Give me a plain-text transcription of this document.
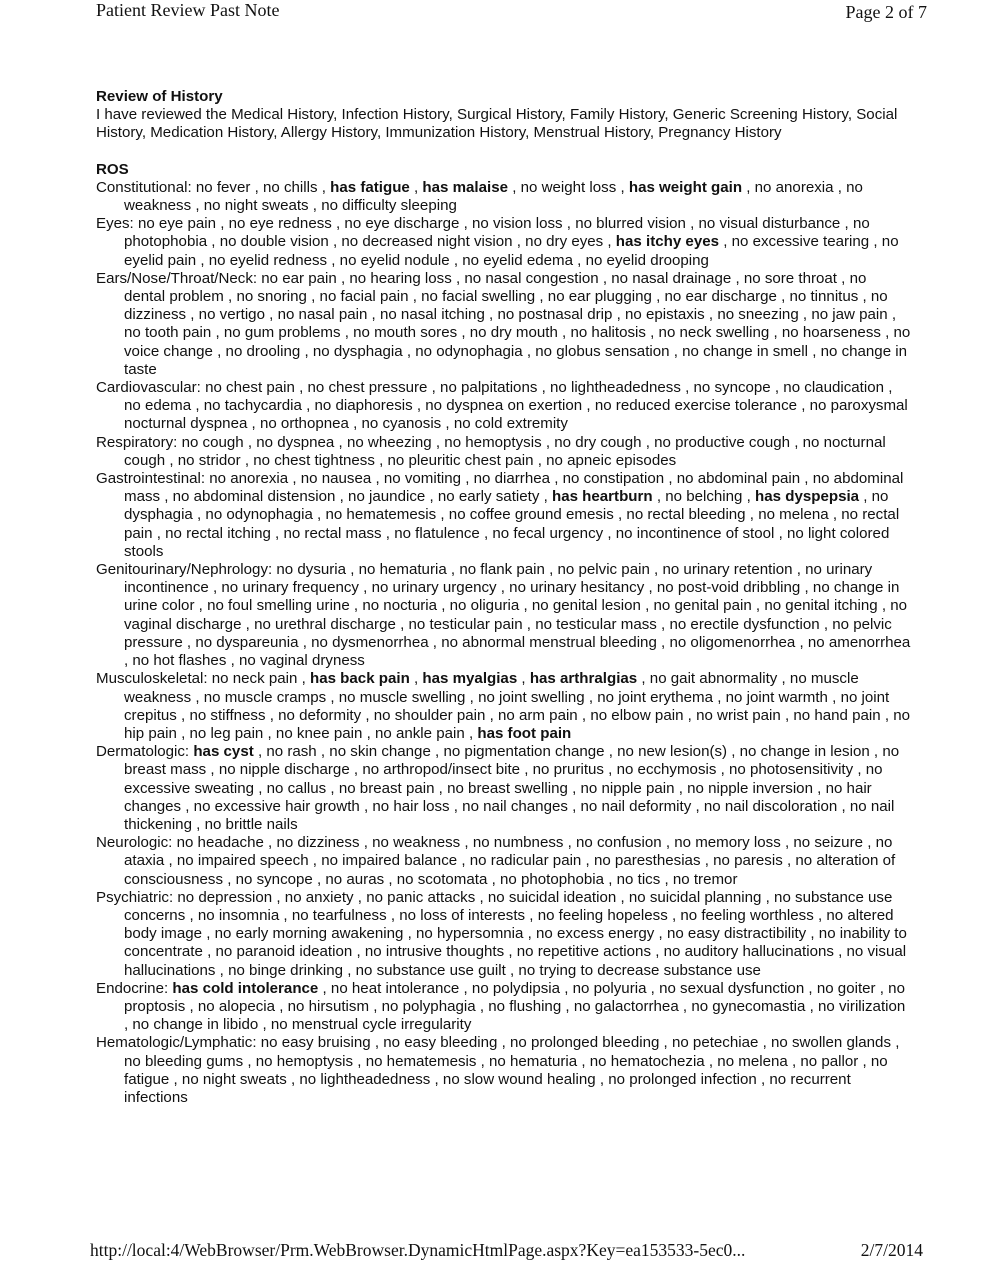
Patient Review Past Note	Page 2 of 7
Review of History
I have reviewed the Medical History, Infection History, Surgical History, Family History, Generic Screening History, Social History, Medication History, Allergy History, Immunization History, Menstrual History, Pregnancy History
ROS
Constitutional: no fever , no chills , has fatigue , has malaise , no weight loss , has weight gain , no anorexia , no weakness , no night sweats , no difficulty sleeping
Eyes: no eye pain , no eye redness , no eye discharge , no vision loss , no blurred vision , no visual disturbance , no photophobia , no double vision , no decreased night vision , no dry eyes , has itchy eyes , no excessive tearing , no eyelid pain , no eyelid redness , no eyelid nodule , no eyelid edema , no eyelid drooping
Ears/Nose/Throat/Neck: no ear pain , no hearing loss , no nasal congestion , no nasal drainage , no sore throat , no dental problem , no snoring , no facial pain , no facial swelling , no ear plugging , no ear discharge , no tinnitus , no dizziness , no vertigo , no nasal pain , no nasal itching , no postnasal drip , no epistaxis , no sneezing , no jaw pain , no tooth pain , no gum problems , no mouth sores , no dry mouth , no halitosis , no neck swelling , no hoarseness , no voice change , no drooling , no dysphagia , no odynophagia , no globus sensation , no change in smell , no change in taste
Cardiovascular: no chest pain , no chest pressure , no palpitations , no lightheadedness , no syncope , no claudication , no edema , no tachycardia , no diaphoresis , no dyspnea on exertion , no reduced exercise tolerance , no paroxysmal nocturnal dyspnea , no orthopnea , no cyanosis , no cold extremity
Respiratory: no cough , no dyspnea , no wheezing , no hemoptysis , no dry cough , no productive cough , no nocturnal cough , no stridor , no chest tightness , no pleuritic chest pain , no apneic episodes
Gastrointestinal: no anorexia , no nausea , no vomiting , no diarrhea , no constipation , no abdominal pain , no abdominal mass , no abdominal distension , no jaundice , no early satiety , has heartburn , no belching , has dyspepsia , no dysphagia , no odynophagia , no hematemesis , no coffee ground emesis , no rectal bleeding , no melena , no rectal pain , no rectal itching , no rectal mass , no flatulence , no fecal urgency , no incontinence of stool , no light colored stools
Genitourinary/Nephrology: no dysuria , no hematuria , no flank pain , no pelvic pain , no urinary retention , no urinary incontinence , no urinary frequency , no urinary urgency , no urinary hesitancy , no post-void dribbling , no change in urine color , no foul smelling urine , no nocturia , no oliguria , no genital lesion , no genital pain , no genital itching , no vaginal discharge , no urethral discharge , no testicular pain , no testicular mass , no erectile dysfunction , no pelvic pressure , no dyspareunia , no dysmenorrhea , no abnormal menstrual bleeding , no oligomenorrhea , no amenorrhea , no hot flashes , no vaginal dryness
Musculoskeletal: no neck pain , has back pain , has myalgias , has arthralgias , no gait abnormality , no muscle weakness , no muscle cramps , no muscle swelling , no joint swelling , no joint erythema , no joint warmth , no joint crepitus , no stiffness , no deformity , no shoulder pain , no arm pain , no elbow pain , no wrist pain , no hand pain , no hip pain , no leg pain , no knee pain , no ankle pain , has foot pain
Dermatologic: has cyst , no rash , no skin change , no pigmentation change , no new lesion(s) , no change in lesion , no breast mass , no nipple discharge , no arthropod/insect bite , no pruritus , no ecchymosis , no photosensitivity , no excessive sweating , no callus , no breast pain , no breast swelling , no nipple pain , no nipple inversion , no hair changes , no excessive hair growth , no hair loss , no nail changes , no nail deformity , no nail discoloration , no nail thickening , no brittle nails
Neurologic: no headache , no dizziness , no weakness , no numbness , no confusion , no memory loss , no seizure , no ataxia , no impaired speech , no impaired balance , no radicular pain , no paresthesias , no paresis , no alteration of consciousness , no syncope , no auras , no scotomata , no photophobia , no tics , no tremor
Psychiatric: no depression , no anxiety , no panic attacks , no suicidal ideation , no suicidal planning , no substance use concerns , no insomnia , no tearfulness , no loss of interests , no feeling hopeless , no feeling worthless , no altered body image , no early morning awakening , no hypersomnia , no excess energy , no easy distractibility , no inability to concentrate , no paranoid ideation , no intrusive thoughts , no repetitive actions , no auditory hallucinations , no visual hallucinations , no binge drinking , no substance use guilt , no trying to decrease substance use
Endocrine: has cold intolerance , no heat intolerance , no polydipsia , no polyuria , no sexual dysfunction , no goiter , no proptosis , no alopecia , no hirsutism , no polyphagia , no flushing , no galactorrhea , no gynecomastia , no virilization , no change in libido , no menstrual cycle irregularity
Hematologic/Lymphatic: no easy bruising , no easy bleeding , no prolonged bleeding , no petechiae , no swollen glands , no bleeding gums , no hemoptysis , no hematemesis , no hematuria , no hematochezia , no melena , no pallor , no fatigue , no night sweats , no lightheadedness , no slow wound healing , no prolonged infection , no recurrent infections
http://local:4/WebBrowser/Prm.WebBrowser.DynamicHtmlPage.aspx?Key=ea153533-5ec0...	2/7/2014
